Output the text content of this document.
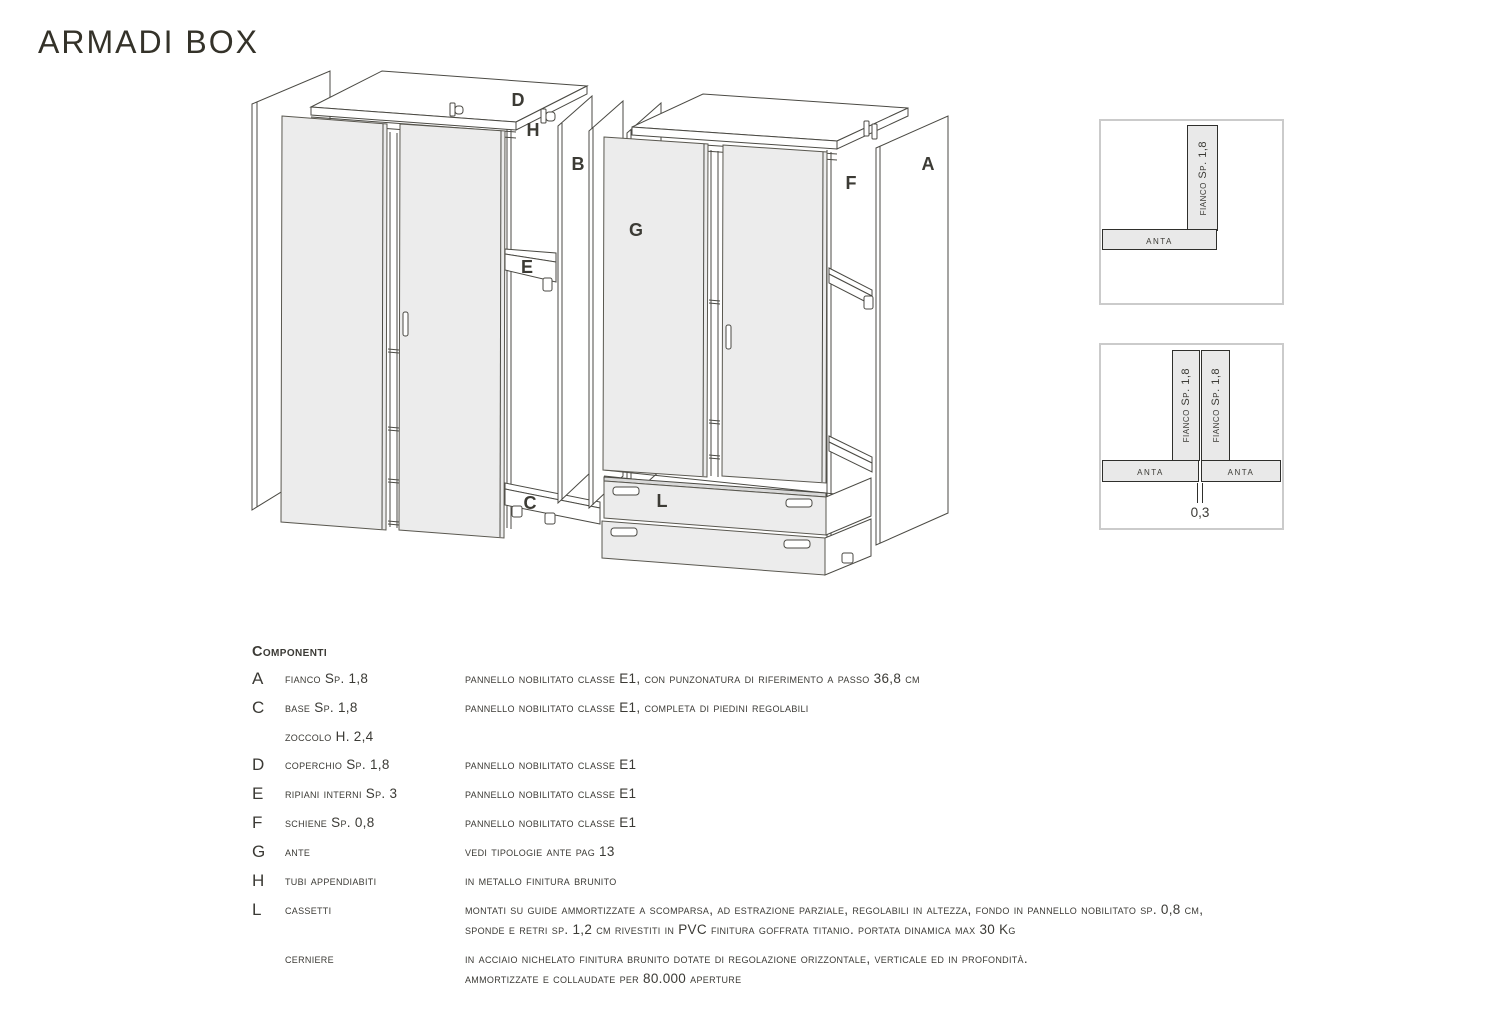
ARMADI BOX
D
H
B
E
C
G
F
A
L
fianco Sp. 1,8
anta
fianco Sp. 1,8 fianco Sp. 1,8
anta	anta
0,3
Componenti
A	fianco Sp. 1,8	pannello nobilitato classe E1, con punzonatura di riferimento a passo 36,8 cm
C	base Sp. 1,8	pannello nobilitato classe E1, completa di piedini regolabili
zoccolo H. 2,4
D	coperchio Sp. 1,8	pannello nobilitato classe E1
E	ripiani interni Sp. 3	pannello nobilitato classe E1
F	schiene Sp. 0,8	pannello nobilitato classe E1
G	ante	vedi tipologie ante pag 13
H	tubi appendiabiti	in metallo finitura brunito
L	cassetti	montati su guide ammortizzate a scomparsa, ad estrazione parziale, regolabili in altezza, fondo in pannello nobilitato sp. 0,8 cm,
sponde e retri sp. 1,2 cm rivestiti in PVC finitura goffrata titanio. portata dinamica max 30 Kg
cerniere	in acciaio nichelato finitura brunito dotate di regolazione orizzontale, verticale ed in profondità.
ammortizzate e collaudate per 80.000 aperture
